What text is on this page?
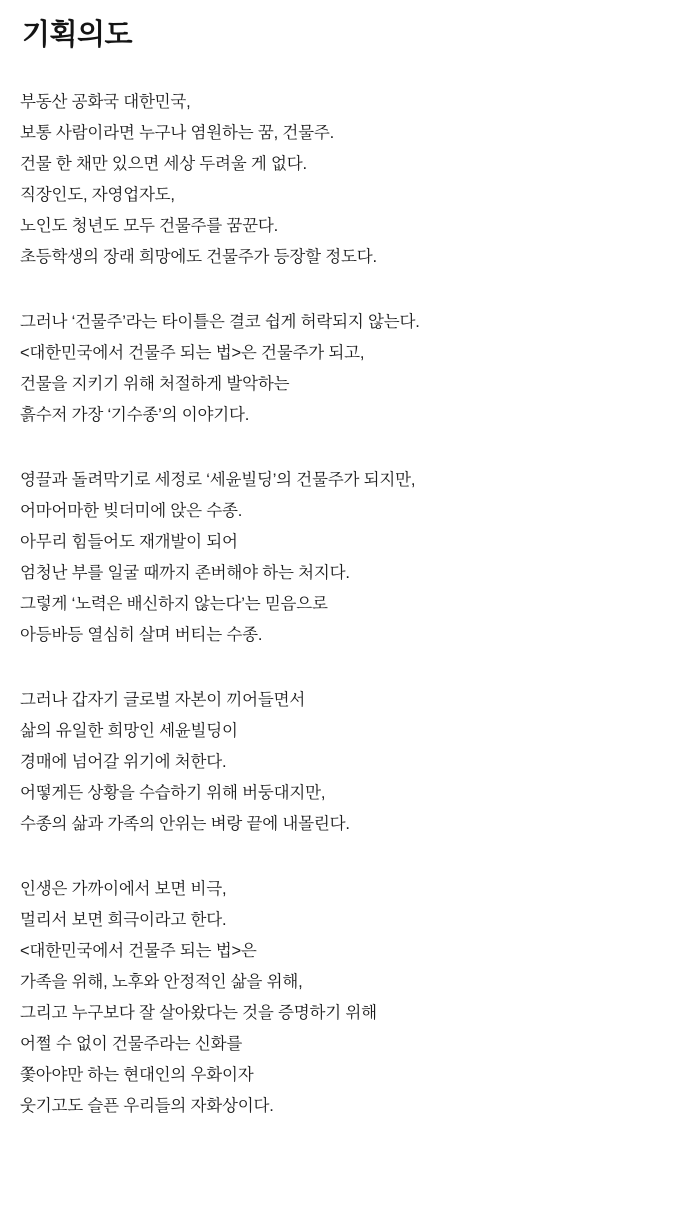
기획의도
부동산 공화국 대한민국,
보통 사람이라면 누구나 염원하는 꿈, 건물주.
건물 한 채만 있으면 세상 두려울 게 없다.
직장인도, 자영업자도,
노인도 청년도 모두 건물주를 꿈꾼다.
초등학생의 장래 희망에도 건물주가 등장할 정도다.
그러나 ‘건물주’라는 타이틀은 결코 쉽게 허락되지 않는다.
<대한민국에서 건물주 되는 법>은 건물주가 되고,
건물을 지키기 위해 처절하게 발악하는
흙수저 가장 ‘기수종’의 이야기다.
영끌과 돌려막기로 세정로 ‘세윤빌딩’의 건물주가 되지만,
어마어마한 빚더미에 앉은 수종.
아무리 힘들어도 재개발이 되어
엄청난 부를 일굴 때까지 존버해야 하는 처지다.
그렇게 ‘노력은 배신하지 않는다’는 믿음으로
아등바등 열심히 살며 버티는 수종.
그러나 갑자기 글로벌 자본이 끼어들면서
삶의 유일한 희망인 세윤빌딩이
경매에 넘어갈 위기에 처한다.
어떻게든 상황을 수습하기 위해 버둥대지만,
수종의 삶과 가족의 안위는 벼랑 끝에 내몰린다.
인생은 가까이에서 보면 비극,
멀리서 보면 희극이라고 한다.
<대한민국에서 건물주 되는 법>은
가족을 위해, 노후와 안정적인 삶을 위해,
그리고 누구보다 잘 살아왔다는 것을 증명하기 위해
어쩔 수 없이 건물주라는 신화를
쫓아야만 하는 현대인의 우화이자
웃기고도 슬픈 우리들의 자화상이다.
